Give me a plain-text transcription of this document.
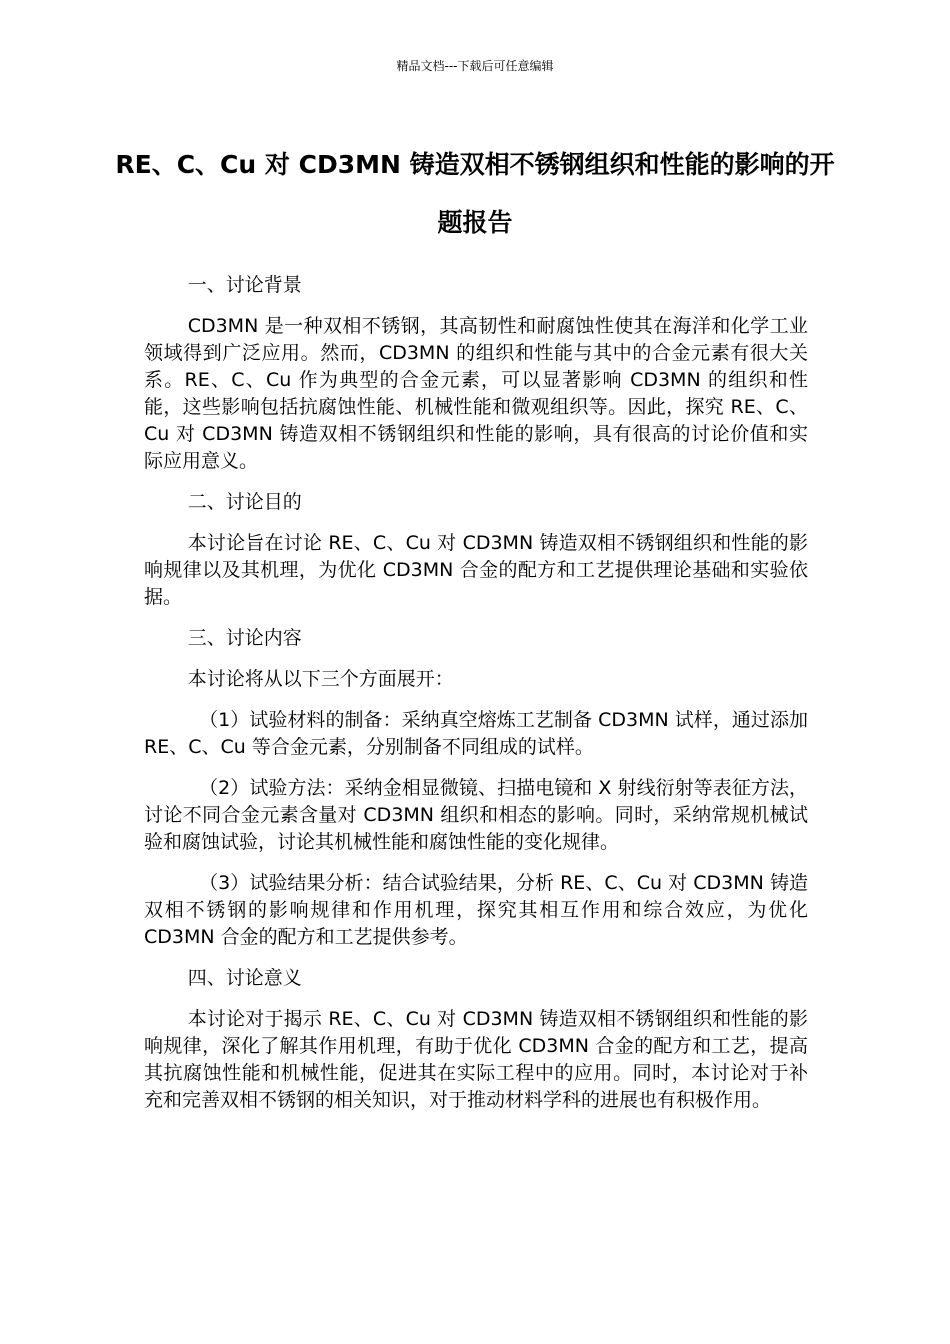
精品文档---下载后可任意编辑
RE、C、Cu 对 CD3MN 铸造双相不锈钢组织和性能的影响的开题报告

一、讨论背景

CD3MN 是一种双相不锈钢，其高韧性和耐腐蚀性使其在海洋和化学工业领域得到广泛应用。然而，CD3MN 的组织和性能与其中的合金元素有很大关系。RE、C、Cu 作为典型的合金元素，可以显著影响 CD3MN 的组织和性能，这些影响包括抗腐蚀性能、机械性能和微观组织等。因此，探究 RE、C、Cu 对 CD3MN 铸造双相不锈钢组织和性能的影响，具有很高的讨论价值和实际应用意义。

二、讨论目的

本讨论旨在讨论 RE、C、Cu 对 CD3MN 铸造双相不锈钢组织和性能的影响规律以及其机理，为优化 CD3MN 合金的配方和工艺提供理论基础和实验依据。

三、讨论内容

本讨论将从以下三个方面展开：

（1）试验材料的制备：采纳真空熔炼工艺制备 CD3MN 试样，通过添加 RE、C、Cu 等合金元素，分别制备不同组成的试样。

（2）试验方法：采纳金相显微镜、扫描电镜和 X 射线衍射等表征方法，讨论不同合金元素含量对 CD3MN 组织和相态的影响。同时，采纳常规机械试验和腐蚀试验，讨论其机械性能和腐蚀性能的变化规律。

（3）试验结果分析：结合试验结果，分析 RE、C、Cu 对 CD3MN 铸造双相不锈钢的影响规律和作用机理，探究其相互作用和综合效应，为优化 CD3MN 合金的配方和工艺提供参考。

四、讨论意义

本讨论对于揭示 RE、C、Cu 对 CD3MN 铸造双相不锈钢组织和性能的影响规律，深化了解其作用机理，有助于优化 CD3MN 合金的配方和工艺，提高其抗腐蚀性能和机械性能，促进其在实际工程中的应用。同时，本讨论对于补充和完善双相不锈钢的相关知识，对于推动材料学科的进展也有积极作用。
